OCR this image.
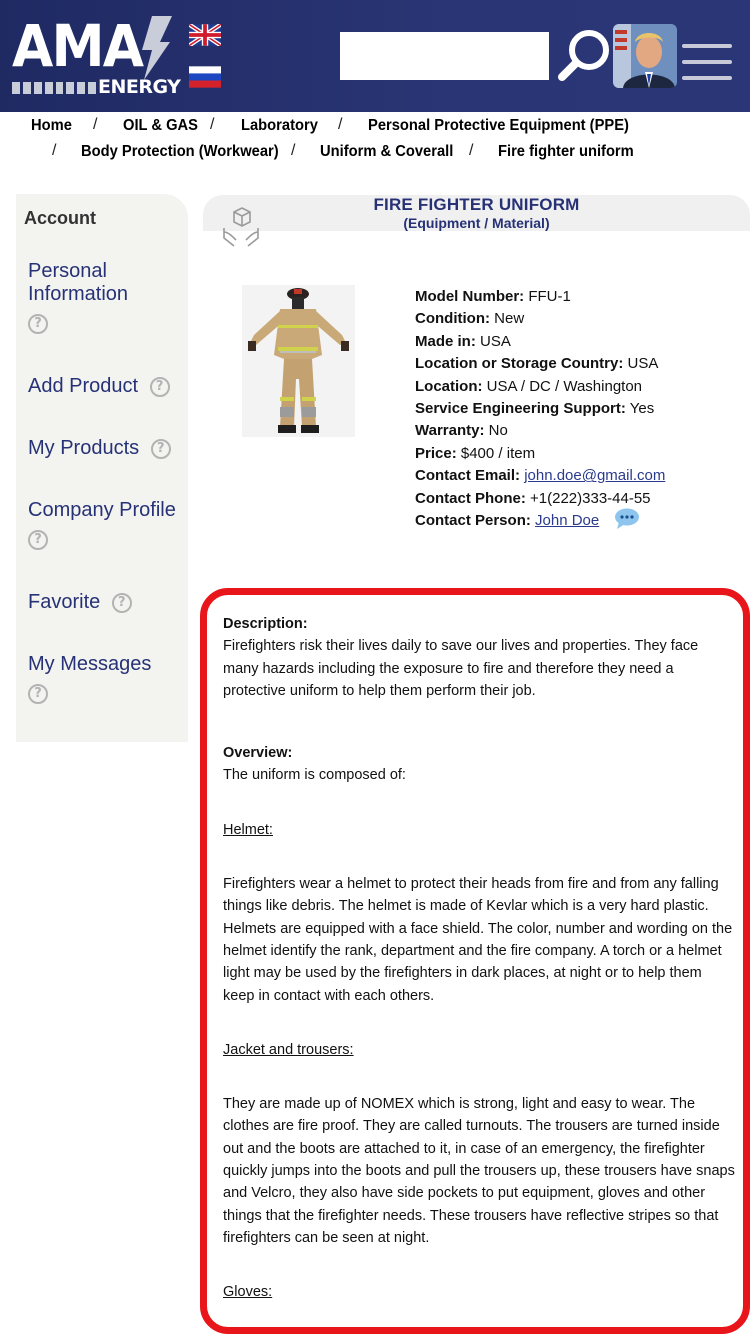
AMA
ENERGY
Home / OIL & GAS / Laboratory / Personal Protective Equipment (PPE)
/ Body Protection (Workwear) / Uniform & Coverall / Fire fighter uniform
Account
Personal Information
?
Add Product ?
My Products ?
Company Profile
?
Favorite ?
My Messages
?
FIRE FIGHTER UNIFORM
(Equipment / Material)
Model Number: FFU-1
Condition: New
Made in: USA
Location or Storage Country: USA
Location: USA / DC / Washington
Service Engineering Support: Yes
Warranty: No
Price: $400 / item
Contact Email: john.doe@gmail.com
Contact Phone: +1(222)333-44-55
Contact Person: John Doe
Description:
Firefighters risk their lives daily to save our lives and properties. They face many hazards including the exposure to fire and therefore they need a protective uniform to help them perform their job.
Overview:
The uniform is composed of:
Helmet:
Firefighters wear a helmet to protect their heads from fire and from any falling things like debris. The helmet is made of Kevlar which is a very hard plastic. Helmets are equipped with a face shield. The color, number and wording on the helmet identify the rank, department and the fire company. A torch or a helmet light may be used by the firefighters in dark places, at night or to help them keep in contact with each others.
Jacket and trousers:
They are made up of NOMEX which is strong, light and easy to wear. The clothes are fire proof. They are called turnouts. The trousers are turned inside out and the boots are attached to it, in case of an emergency, the firefighter quickly jumps into the boots and pull the trousers up, these trousers have snaps and Velcro, they also have side pockets to put equipment, gloves and other things that the firefighter needs. These trousers have reflective stripes so that firefighters can be seen at night.
Gloves:
